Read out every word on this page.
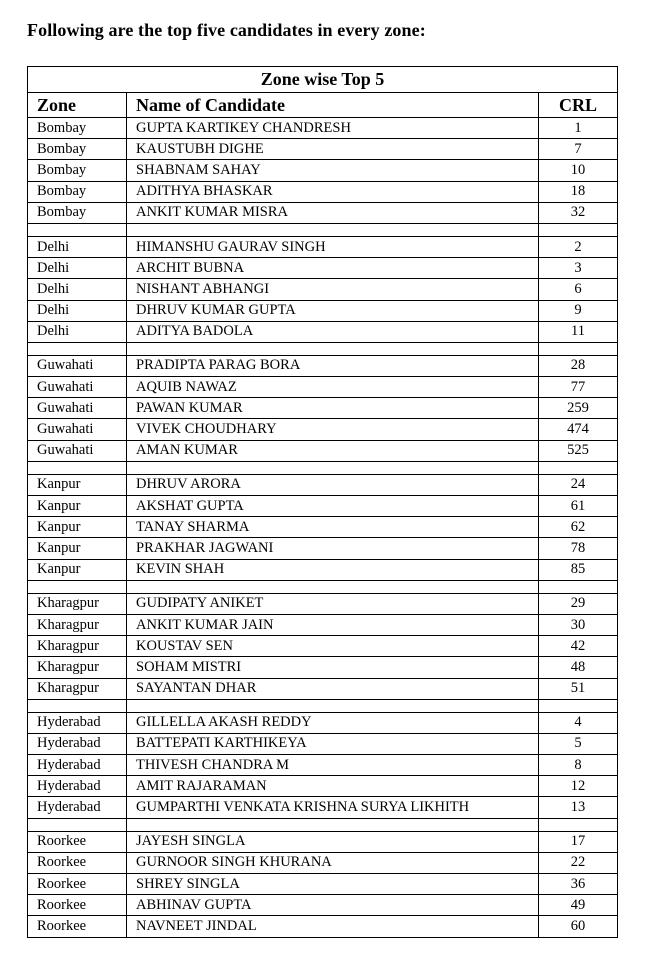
Following are the top five candidates in every zone:
Zone wise Top 5		
Zone	Name of Candidate	CRL
Bombay	GUPTA KARTIKEY CHANDRESH	1
Bombay	KAUSTUBH DIGHE	7
Bombay	SHABNAM SAHAY	10
Bombay	ADITHYA BHASKAR	18
Bombay	ANKIT KUMAR MISRA	32

Delhi	HIMANSHU GAURAV SINGH	2
Delhi	ARCHIT BUBNA	3
Delhi	NISHANT ABHANGI	6
Delhi	DHRUV KUMAR GUPTA	9
Delhi	ADITYA BADOLA	11

Guwahati	PRADIPTA PARAG BORA	28
Guwahati	AQUIB NAWAZ	77
Guwahati	PAWAN KUMAR	259
Guwahati	VIVEK CHOUDHARY	474
Guwahati	AMAN KUMAR	525

Kanpur	DHRUV ARORA	24
Kanpur	AKSHAT GUPTA	61
Kanpur	TANAY SHARMA	62
Kanpur	PRAKHAR JAGWANI	78
Kanpur	KEVIN SHAH	85

Kharagpur	GUDIPATY ANIKET	29
Kharagpur	ANKIT KUMAR JAIN	30
Kharagpur	KOUSTAV SEN	42
Kharagpur	SOHAM MISTRI	48
Kharagpur	SAYANTAN DHAR	51

Hyderabad	GILLELLA AKASH REDDY	4
Hyderabad	BATTEPATI KARTHIKEYA	5
Hyderabad	THIVESH CHANDRA M	8
Hyderabad	AMIT RAJARAMAN	12
Hyderabad	GUMPARTHI VENKATA KRISHNA SURYA LIKHITH	13

Roorkee	JAYESH SINGLA	17
Roorkee	GURNOOR SINGH KHURANA	22
Roorkee	SHREY SINGLA	36
Roorkee	ABHINAV GUPTA	49
Roorkee	NAVNEET JINDAL	60
